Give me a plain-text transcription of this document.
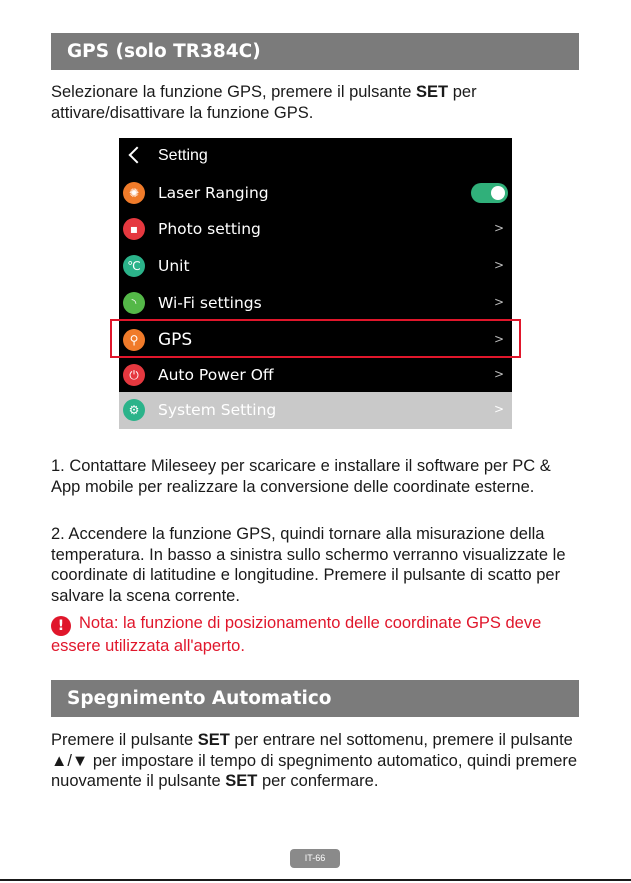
GPS (solo TR384C)

Selezionare la funzione GPS, premere il pulsante SET per attivare/disattivare la funzione GPS.

Setting
✺	Laser Ranging
▪	Photo setting	>
℃ Unit	>
◝	Wi-Fi settings	>
⚲	GPS	>
⏻	Auto Power Off	>
⚙	System Setting	>

1. Contattare Mileseey per scaricare e installare il software per PC & App mobile per realizzare la conversione delle coordinate esterne.

2. Accendere la funzione GPS, quindi tornare alla misurazione della temperatura. In basso a sinistra sullo schermo verranno visualizzate le coordinate di latitudine e longitudine. Premere il pulsante di scatto per salvare la scena corrente.

! Nota: la funzione di posizionamento delle coordinate GPS deve essere utilizzata all'aperto.
Spegnimento Automatico

Premere il pulsante SET per entrare nel sottomenu, premere il pulsante ▲/▼ per impostare il tempo di spegnimento automatico, quindi premere nuovamente il pulsante SET per confermare.

IT-66
